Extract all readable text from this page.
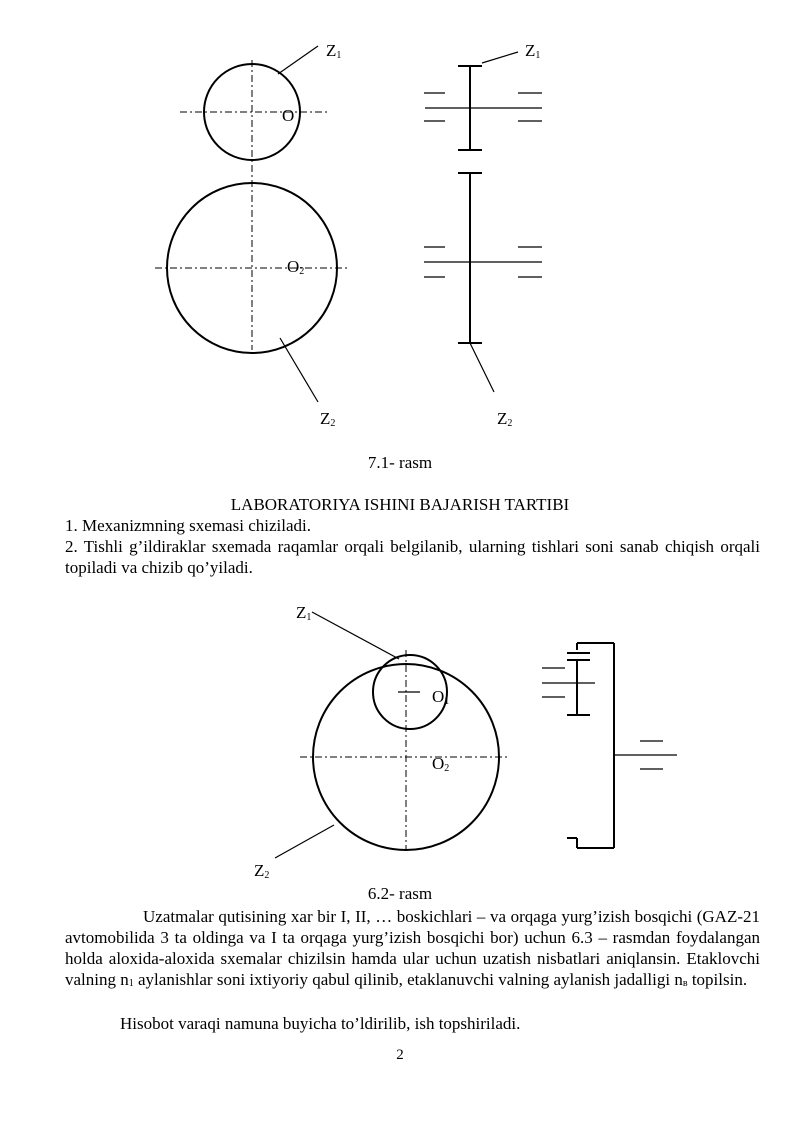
Z1
O
O2
Z2
Z1
Z2

7.1- rasm

LABORATORIYA ISHINI BAJARISH TARTIBI

1. Mexanizmning sxemasi chiziladi.

2. Tishli g’ildiraklar sxemada raqamlar orqali belgilanib, ularning tishlari soni sanab chiqish orqali topiladi va chizib qo’yiladi.

Z1
O1
O2
Z2

6.2- rasm

Uzatmalar qutisining xar bir I, II, … boskichlari – va orqaga yurg’izish bosqichi (GAZ-21 avtomobilida 3 ta oldinga va I ta orqaga yurg’izish bosqichi bor) uchun 6.3 – rasmdan foydalangan holda aloxida-aloxida sxemalar chizilsin hamda ular uchun uzatish nisbatlari aniqlansin. Etaklovchi valning n1 aylanishlar soni ixtiyoriy qabul qilinib, etaklanuvchi valning aylanish jadalligi nв topilsin.

Hisobot varaqi namuna buyicha to’ldirilib, ish topshiriladi.

2
